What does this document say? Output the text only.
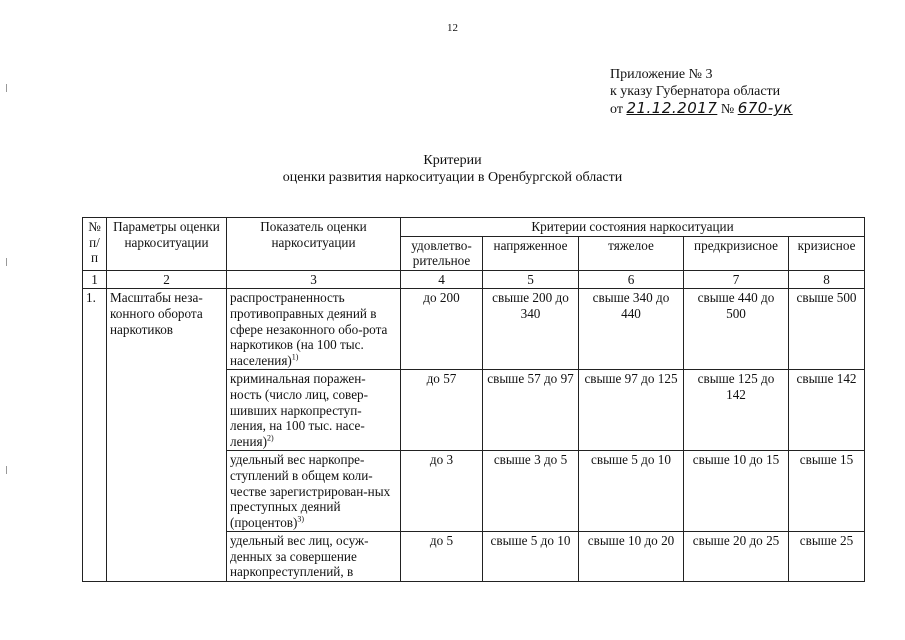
12
Приложение № 3
к указу Губернатора области
от 21.12.2017 № 670-ук
Критерии
оценки развития наркоситуации в Оренбургской области
№ п/п	Параметры оценки наркоситуации	Показатель оценки наркоситуации	Критерии состояния наркоситуации				
			удовлетво-рительное	напряженное	тяжелое	предкризисное	кризисное
1	2	3	4	5	6	7	8
1.	Масштабы неза-конного оборота наркотиков	распространенность противоправных деяний в сфере незаконного обо-рота наркотиков (на 100 тыс. населения)$^{1)}$	до 200	свыше 200 до 340	свыше 340 до 440	свыше 440 до 500	свыше 500
		криминальная поражен-ность (число лиц, совер-шивших наркопреступ-ления, на 100 тыс. насе-ления)$^{2)}$	до 57	свыше 57 до 97	свыше 97 до 125	свыше 125 до 142	свыше 142
		удельный вес наркопре-ступлений в общем коли-честве зарегистрирован-ных преступных деяний (процентов)$^{3)}$	до 3	свыше 3 до 5	свыше 5 до 10	свыше 10 до 15	свыше 15
		удельный вес лиц, осуж-денных за совершение наркопреступлений, в	до 5	свыше 5 до 10	свыше 10 до 20	свыше 20 до 25	свыше 25
